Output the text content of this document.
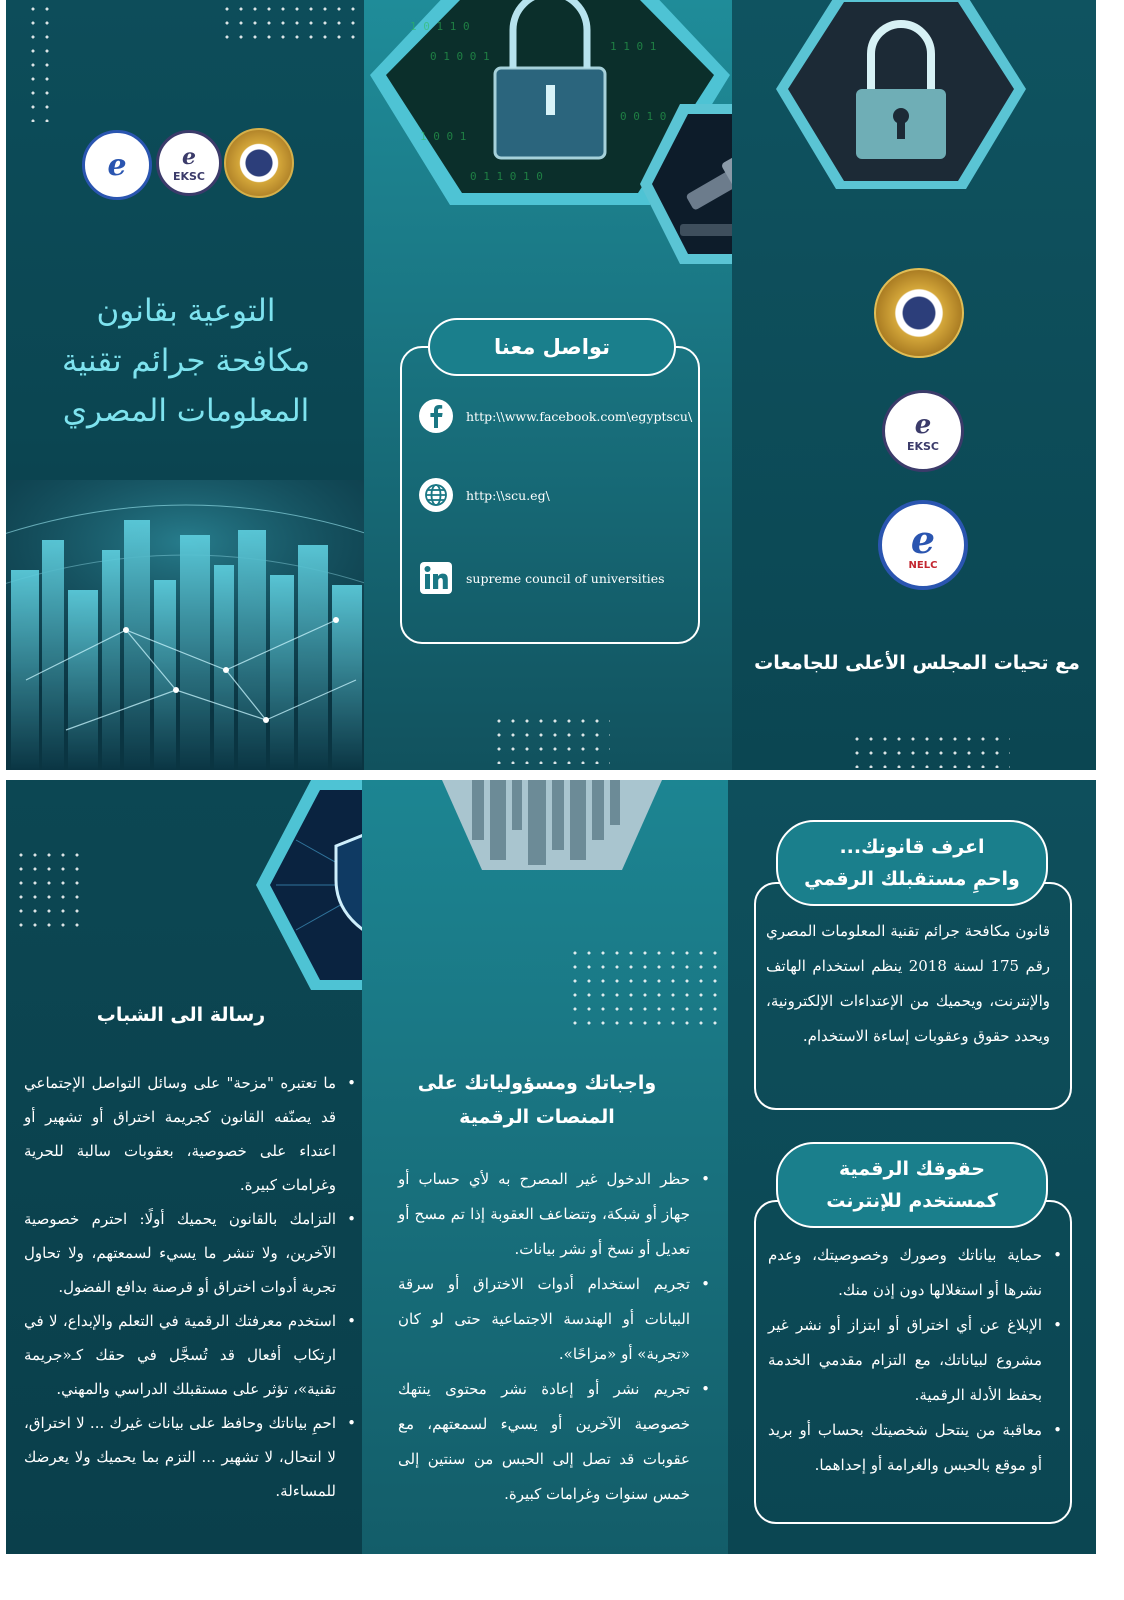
e	e
EKSC
التوعية بقانون
مكافحة جرائم تقنية
المعلومات المصري
1 0 1 1 0
0 1 0 0 1
1 1 0 1
0 0 1 0
1 0 0 1
0 1 1 0 1 0
تواصل معنا
http:\\www.facebook.com\egyptscu\
http:\\scu.eg\
supreme council of universities
e
EKSC
e
NELC
مع تحيات المجلس الأعلى للجامعات
رسالة الى الشباب
• ما تعتبره "مزحة" على وسائل التواصل الإجتماعي قد يصنّفه القانون كجريمة اختراق أو تشهير أو اعتداء على خصوصية، بعقوبات سالبة للحرية وغرامات كبيرة.
• التزامك بالقانون يحميك أولًا: احترم خصوصية الآخرين، ولا تنشر ما يسيء لسمعتهم، ولا تحاول تجربة أدوات اختراق أو قرصنة بدافع الفضول.
• استخدم معرفتك الرقمية في التعلم والإبداع، لا في ارتكاب أفعال قد تُسجَّل في حقك كـ«جريمة تقنية»، تؤثر على مستقبلك الدراسي والمهني.
• احمِ بياناتك وحافظ على بيانات غيرك ... لا اختراق، لا انتحال، لا تشهير ... التزم بما يحميك ولا يعرضك للمساءلة.
واجباتك ومسؤولياتك على
المنصات الرقمية
• حظر الدخول غير المصرح به لأي حساب أو جهاز أو شبكة، وتتضاعف العقوبة إذا تم مسح أو تعديل أو نسخ أو نشر بيانات.
• تجريم استخدام أدوات الاختراق أو سرقة البيانات أو الهندسة الاجتماعية حتى لو كان «تجربة» أو «مزاحًا».
• تجريم نشر أو إعادة نشر محتوى ينتهك خصوصية الآخرين أو يسيء لسمعتهم، مع عقوبات قد تصل إلى الحبس من سنتين إلى خمس سنوات وغرامات كبيرة.
اعرف قانونك...
واحمِ مستقبلك الرقمي
قانون مكافحة جرائم تقنية المعلومات المصري رقم 175 لسنة 2018 ينظم استخدام الهاتف والإنترنت، ويحميك من الإعتداءات الإلكترونية، ويحدد حقوق وعقوبات إساءة الاستخدام.
حقوقك الرقمية
كمستخدم للإنترنت
• حماية بياناتك وصورك وخصوصيتك، وعدم نشرها أو استغلالها دون إذن منك.
• الإبلاغ عن أي اختراق أو ابتزاز أو نشر غير مشروع لبياناتك، مع التزام مقدمي الخدمة بحفظ الأدلة الرقمية.
• معاقبة من ينتحل شخصيتك بحساب أو بريد أو موقع بالحبس والغرامة أو إحداهما.
